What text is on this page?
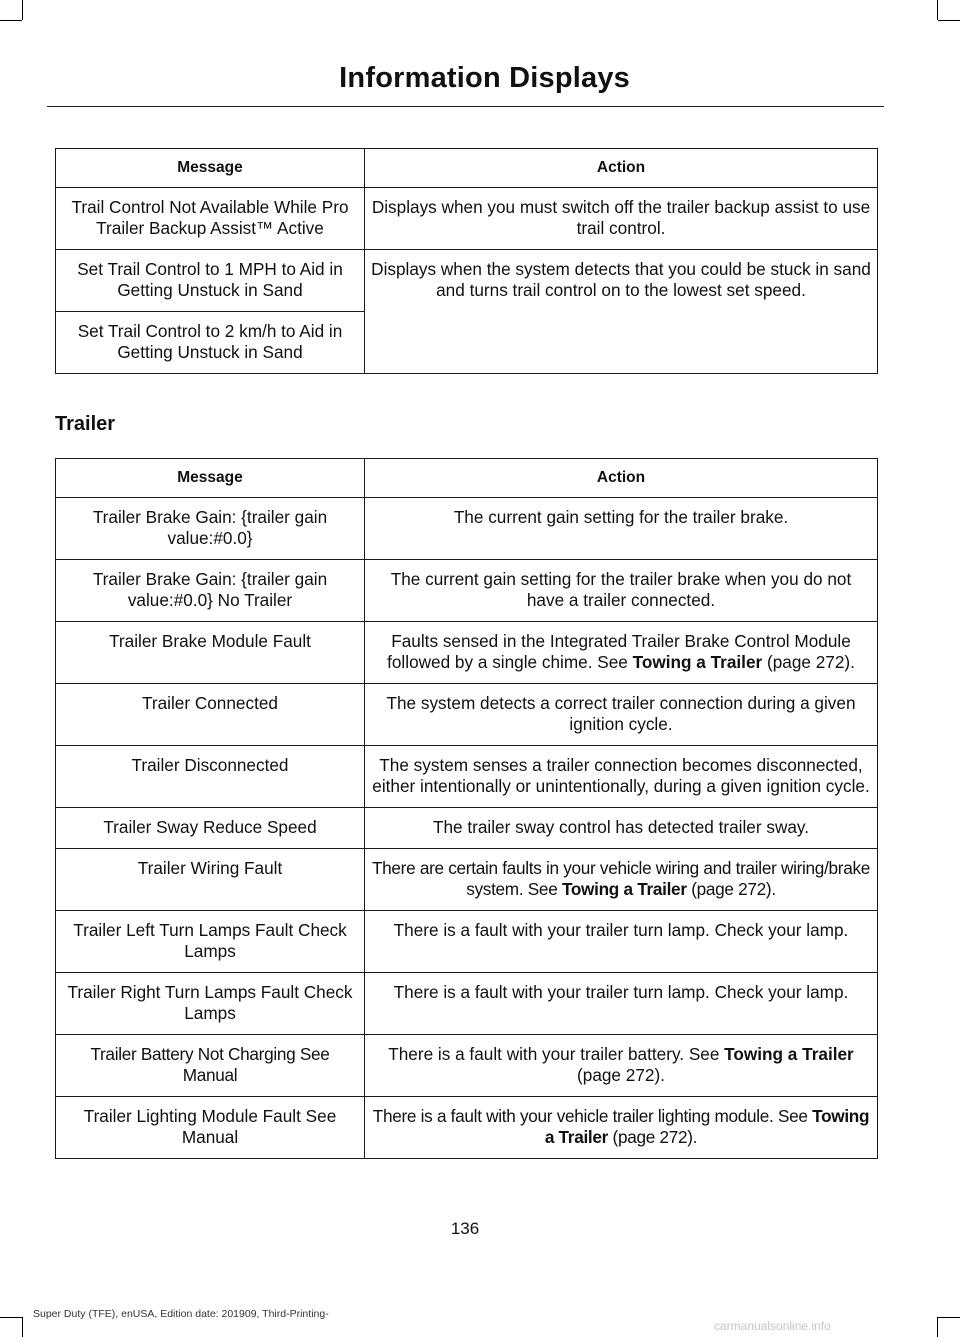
Information Displays
Message	Action
Trail Control Not Available While Pro Trailer Backup Assist™ Active	Displays when you must switch off the trailer backup assist to use trail control.
Set Trail Control to 1 MPH to Aid in Getting Unstuck in Sand	Displays when the system detects that you could be stuck in sand and turns trail control on to the lowest set speed.
Set Trail Control to 2 km/h to Aid in Getting Unstuck in Sand	
Trailer
Message	Action
Trailer Brake Gain: {trailer gain value:#0.0}	The current gain setting for the trailer brake.
Trailer Brake Gain: {trailer gain value:#0.0} No Trailer	The current gain setting for the trailer brake when you do not have a trailer connected.
Trailer Brake Module Fault	Faults sensed in the Integrated Trailer Brake Control Module followed by a single chime. See Towing a Trailer (page 272).
Trailer Connected	The system detects a correct trailer connection during a given ignition cycle.
Trailer Disconnected	The system senses a trailer connection becomes disconnected, either intentionally or unintentionally, during a given ignition cycle.
Trailer Sway Reduce Speed	The trailer sway control has detected trailer sway.
Trailer Wiring Fault	There are certain faults in your vehicle wiring and trailer wiring/brake system. See Towing a Trailer (page 272).
Trailer Left Turn Lamps Fault Check Lamps	There is a fault with your trailer turn lamp. Check your lamp.
Trailer Right Turn Lamps Fault Check Lamps	There is a fault with your trailer turn lamp. Check your lamp.
Trailer Battery Not Charging See Manual	There is a fault with your trailer battery. See Towing a Trailer (page 272).
Trailer Lighting Module Fault See Manual	There is a fault with your vehicle trailer lighting module. See Towing a Trailer (page 272).
136
Super Duty (TFE), enUSA, Edition date: 201909, Third-Printing-
carmanualsonline.info
